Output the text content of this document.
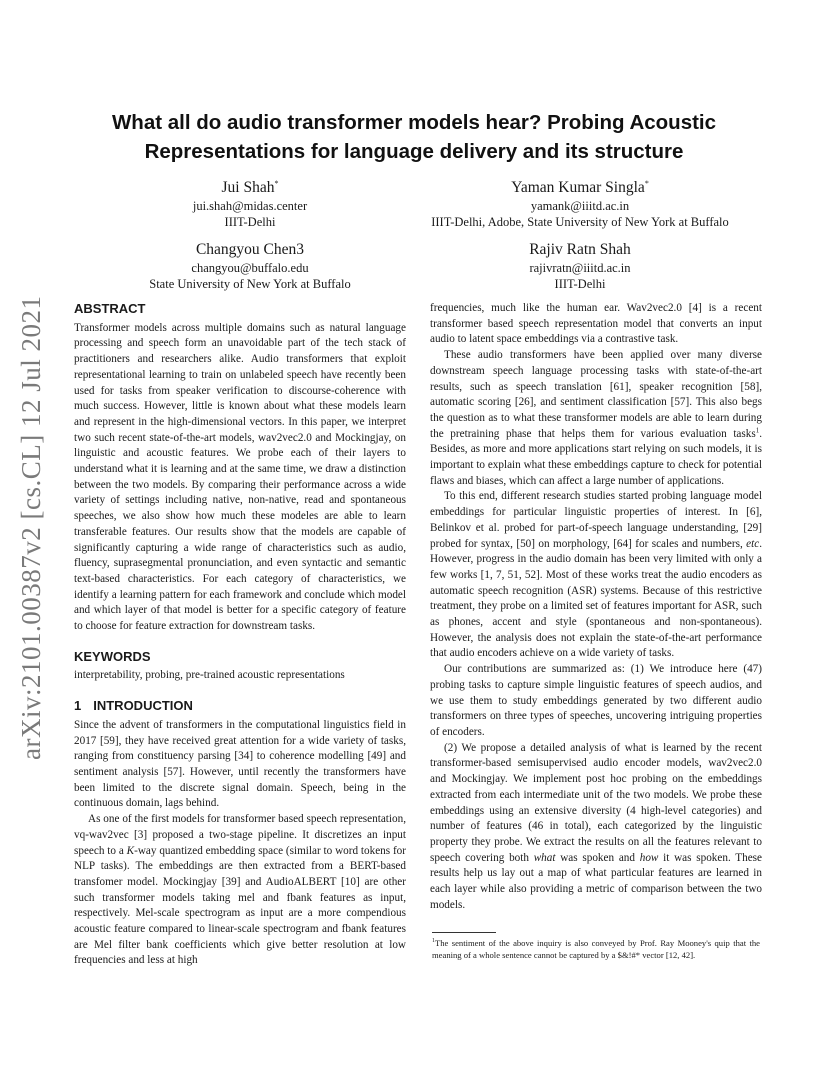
arXiv:2101.00387v2 [cs.CL] 12 Jul 2021
What all do audio transformer models hear? Probing Acoustic Representations for language delivery and its structure
Jui Shah*
jui.shah@midas.center
IIIT-Delhi
Yaman Kumar Singla*
yamank@iiitd.ac.in
IIIT-Delhi, Adobe, State University of New York at Buffalo
Changyou Chen3
changyou@buffalo.edu
State University of New York at Buffalo
Rajiv Ratn Shah
rajivratn@iiitd.ac.in
IIIT-Delhi
ABSTRACT

Transformer models across multiple domains such as natural language processing and speech form an unavoidable part of the tech stack of practitioners and researchers alike. Audio transformers that exploit representational learning to train on unlabeled speech have recently been used for tasks from speaker verification to discourse-coherence with much success. However, little is known about what these models learn and represent in the high-dimensional vectors. In this paper, we interpret two such recent state-of-the-art models, wav2vec2.0 and Mockingjay, on linguistic and acoustic features. We probe each of their layers to understand what it is learning and at the same time, we draw a distinction between the two models. By comparing their performance across a wide variety of settings including native, non-native, read and spontaneous speeches, we also show how much these modeles are able to learn transferable features. Our results show that the models are capable of significantly capturing a wide range of characteristics such as audio, fluency, suprasegmental pronunciation, and even syntactic and semantic text-based characteristics. For each category of characteristics, we identify a learning pattern for each framework and conclude which model and which layer of that model is better for a specific category of feature to choose for feature extraction for downstream tasks.

KEYWORDS

interpretability, probing, pre-trained acoustic representations

1 INTRODUCTION

Since the advent of transformers in the computational linguistics field in 2017 [59], they have received great attention for a wide variety of tasks, ranging from constituency parsing [34] to coherence modelling [49] and sentiment analysis [57]. However, until recently the transformers have been limited to the discrete signal domain. Speech, being in the continuous domain, lags behind.

As one of the first models for transformer based speech representation, vq-wav2vec [3] proposed a two-stage pipeline. It discretizes an input speech to a K-way quantized embedding space (similar to word tokens for NLP tasks). The embeddings are then extracted from a BERT-based transfomer model. Mockingjay [39] and AudioALBERT [10] are other such transformer models taking mel and fbank features as input, respectively. Mel-scale spectrogram as input are a more compendious acoustic feature compared to linear-scale spectrogram and fbank features are Mel filter bank coefficients which give better resolution at low frequencies and less at high

frequencies, much like the human ear. Wav2vec2.0 [4] is a recent transformer based speech representation model that converts an input audio to latent space embeddings via a contrastive task.

These audio transformers have been applied over many diverse downstream speech language processing tasks with state-of-the-art results, such as speech translation [61], speaker recognition [58], automatic scoring [26], and sentiment classification [57]. This also begs the question as to what these transformer models are able to learn during the pretraining phase that helps them for various evaluation tasks$^1$. Besides, as more and more applications start relying on such models, it is important to explain what these embeddings capture to check for potential flaws and biases, which can affect a large number of applications.

To this end, different research studies started probing language model embeddings for particular linguistic properties of interest. In [6], Belinkov et al. probed for part-of-speech language understanding, [29] probed for syntax, [50] on morphology, [64] for scales and numbers, etc. However, progress in the audio domain has been very limited with only a few works [1, 7, 51, 52]. Most of these works treat the audio encoders as automatic speech recognition (ASR) systems. Because of this restrictive treatment, they probe on a limited set of features important for ASR, such as phones, accent and style (spontaneous and non-spontaneous). However, the analysis does not explain the state-of-the-art performance that audio encoders achieve on a wide variety of tasks.

Our contributions are summarized as: (1) We introduce here (47) probing tasks to capture simple linguistic features of speech audios, and we use them to study embeddings generated by two different audio transformers on three types of speeches, uncovering intriguing properties of encoders.

(2) We propose a detailed analysis of what is learned by the recent transformer-based semisupervised audio encoder models, wav2vec2.0 and Mockingjay. We implement post hoc probing on the embeddings extracted from each intermediate unit of the two models. We probe these embeddings using an extensive diversity (4 high-level categories) and number of features (46 in total), each categorized by the linguistic property they probe. We extract the results on all the features relevant to speech covering both what was spoken and how it was spoken. These results help us lay out a map of what particular features are learned in each layer while also providing a metric of comparison between the two models.

$^1$The sentiment of the above inquiry is also conveyed by Prof. Ray Mooney's quip that the meaning of a whole sentence cannot be captured by a $&!#* vector [12, 42].
